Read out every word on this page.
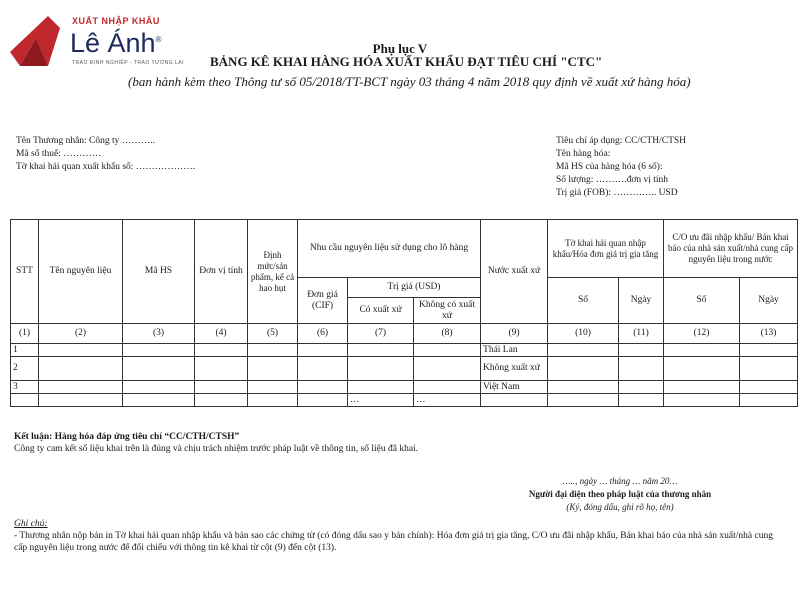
XUẤT NHẬP KHẨU
Lê Ánh®
TRAO ĐỊNH NGHIỆP - TRAO TƯƠNG LAI
Phụ lục V
BẢNG KÊ KHAI HÀNG HÓA XUẤT KHẨU ĐẠT TIÊU CHÍ "CTC"
(ban hành kèm theo Thông tư số 05/2018/TT-BCT ngày 03 tháng 4 năm 2018 quy định về xuất xứ hàng hóa)
Tên Thương nhân: Công ty ………..
Mã số thuế: …………
Tờ khai hải quan xuất khẩu số: ……………….
Tiêu chí áp dụng: CC/CTH/CTSH
Tên hàng hóa:
Mã HS của hàng hóa (6 số):
Số lượng: ……….đơn vị tính
Trị giá (FOB): ………….. USD
STT	Tên nguyên liệu	Mã HS	Đơn vị tính	Định mức/sản phẩm, kể cả hao hụt	Nhu cầu nguyên liệu sử dụng cho lô hàng			Nước xuất xứ	Tờ khai hải quan nhập khẩu/Hóa đơn giá trị gia tăng		C/O ưu đãi nhập khẩu/ Bản khai báo của nhà sản xuất/nhà cung cấp nguyên liệu trong nước	
					Đơn giá (CIF)	Trị giá (USD)			Số	Ngày	Số	Ngày
						Có xuất xứ	Không có xuất xứ					
(1)	(2)	(3)	(4)	(5)	(6)	(7)	(8)	(9)	(10)	(11)	(12)	(13)
1								Thái Lan				
2								Không xuất xứ				
3								Việt Nam				
						…	…					
Kết luận: Hàng hóa đáp ứng tiêu chí “CC/CTH/CTSH”
Công ty cam kết số liệu khai trên là đúng và chịu trách nhiệm trước pháp luật về thông tin, số liệu đã khai.
….., ngày … tháng … năm 20…
Người đại diện theo pháp luật của thương nhân
(Ký, đóng dấu, ghi rõ họ, tên)
Ghi chú:
- Thương nhân nộp bản in Tờ khai hải quan nhập khẩu và bản sao các chứng từ (có đóng dấu sao y bản chính): Hóa đơn giá trị gia tăng, C/O ưu đãi nhập khẩu, Bản khai báo của nhà sản xuất/nhà cung cấp nguyên liệu trong nước để đối chiếu với thông tin kê khai từ cột (9) đến cột (13).
